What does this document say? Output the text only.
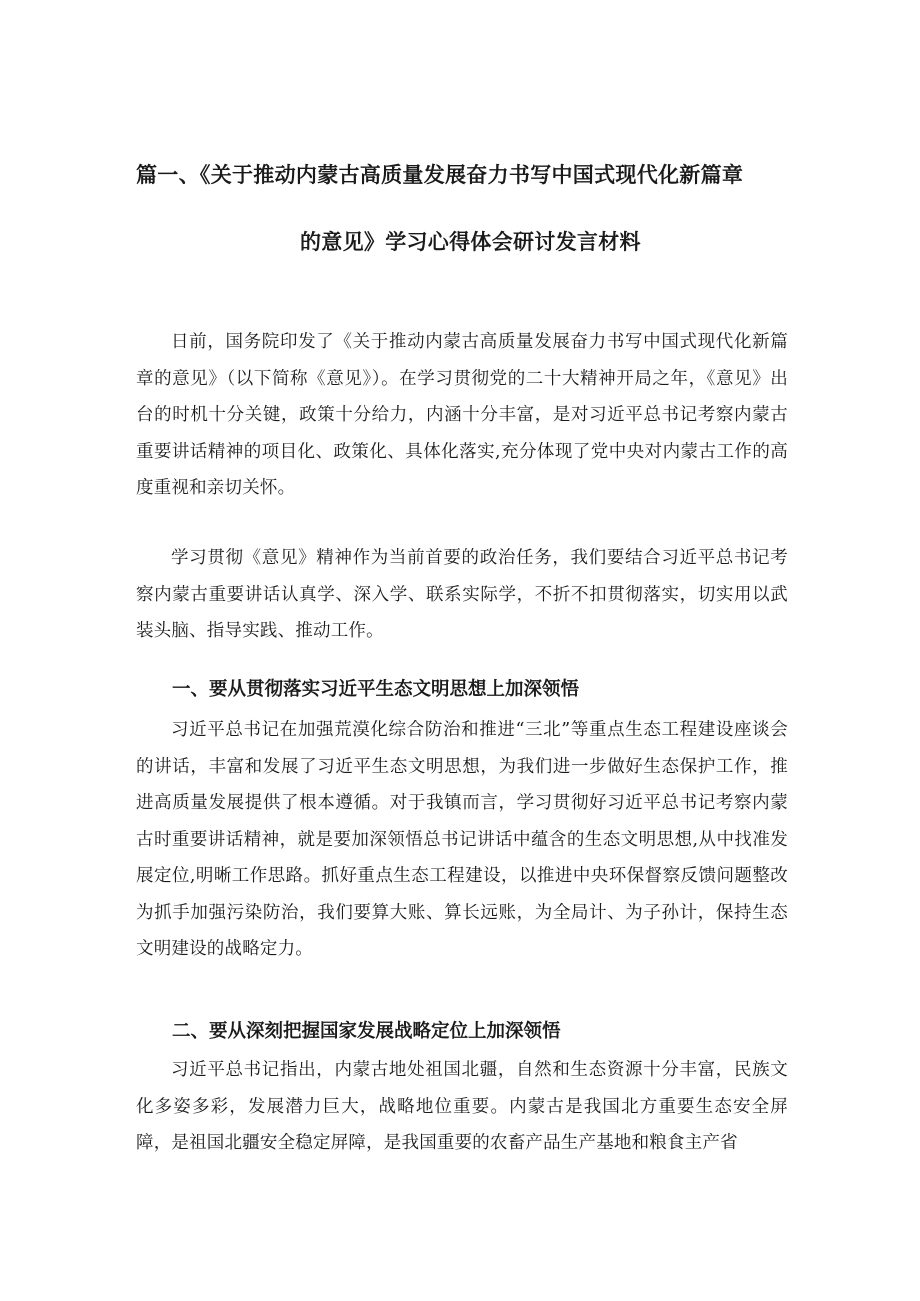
篇一、《关于推动内蒙古高质量发展奋力书写中国式现代化新篇章
的意见》学习心得体会研讨发言材料

日前，国务院印发了《关于推动内蒙古高质量发展奋力书写中国式现代化新篇章的意见》（以下简称《意见》）。在学习贯彻党的二十大精神开局之年，《意见》出台的时机十分关键，政策十分给力，内涵十分丰富，是对习近平总书记考察内蒙古重要讲话精神的项目化、政策化、具体化落实,充分体现了党中央对内蒙古工作的高度重视和亲切关怀。

学习贯彻《意见》精神作为当前首要的政治任务，我们要结合习近平总书记考察内蒙古重要讲话认真学、深入学、联系实际学，不折不扣贯彻落实，切实用以武装头脑、指导实践、推动工作。

一、要从贯彻落实习近平生态文明思想上加深领悟

习近平总书记在加强荒漠化综合防治和推进“三北”等重点生态工程建设座谈会的讲话，丰富和发展了习近平生态文明思想，为我们进一步做好生态保护工作，推进高质量发展提供了根本遵循。对于我镇而言，学习贯彻好习近平总书记考察内蒙古时重要讲话精神，就是要加深领悟总书记讲话中蕴含的生态文明思想,从中找准发展定位,明晰工作思路。抓好重点生态工程建设，以推进中央环保督察反馈问题整改为抓手加强污染防治，我们要算大账、算长远账，为全局计、为子孙计，保持生态文明建设的战略定力。

二、要从深刻把握国家发展战略定位上加深领悟

习近平总书记指出，内蒙古地处祖国北疆，自然和生态资源十分丰富，民族文化多姿多彩，发展潜力巨大，战略地位重要。内蒙古是我国北方重要生态安全屏障，是祖国北疆安全稳定屏障，是我国重要的农畜产品生产基地和粮食主产省
